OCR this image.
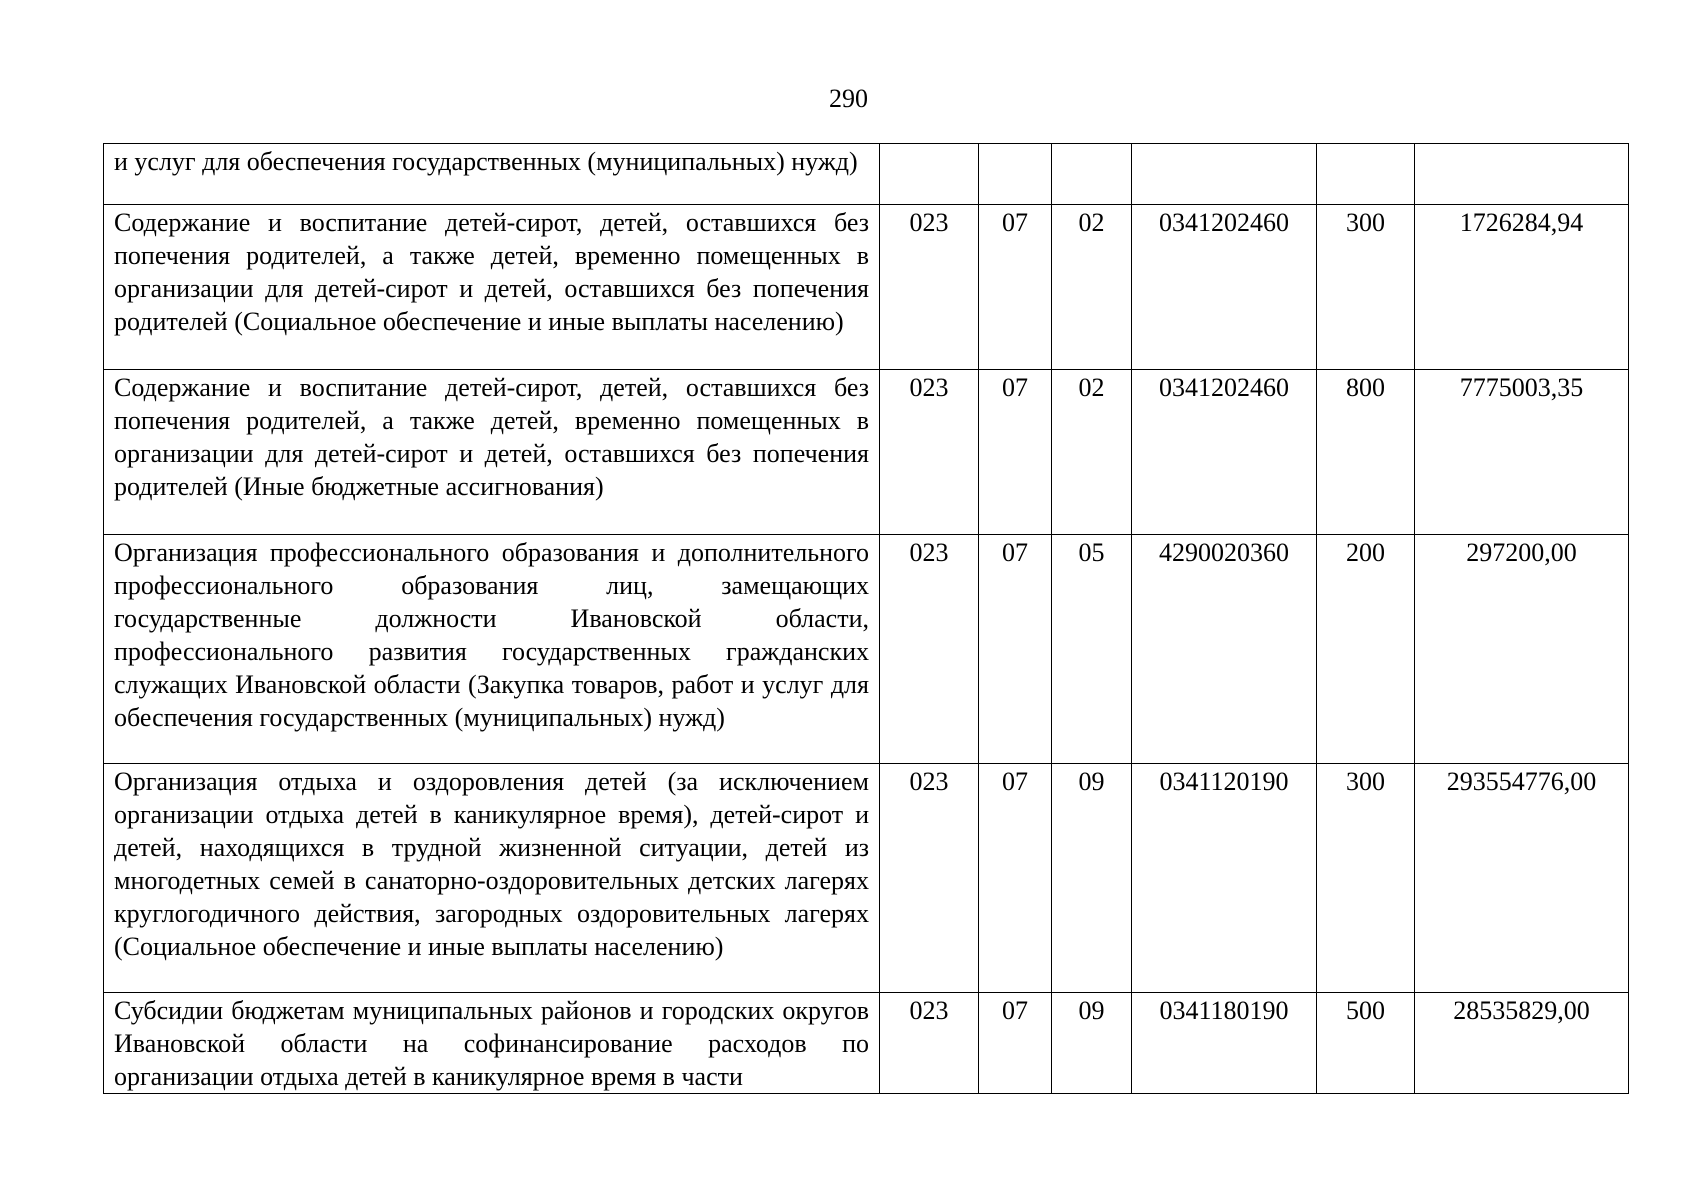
290
и услуг для обеспечения государственных (муниципальных) нужд)						
Содержание и воспитание детей-сирот, детей, оставшихся без попечения родителей, а также детей, временно помещенных в организации для детей-сирот и детей, оставшихся без попечения родителей (Социальное обеспечение и иные выплаты населению)	023	07	02	0341202460	300	1726284,94
Содержание и воспитание детей-сирот, детей, оставшихся без попечения родителей, а также детей, временно помещенных в организации для детей-сирот и детей, оставшихся без попечения родителей (Иные бюджетные ассигнования)	023	07	02	0341202460	800	7775003,35
Организация профессионального образования и дополнительного профессионального образования лиц, замещающих государственные должности Ивановской области, профессионального развития государственных гражданских служащих Ивановской области (Закупка товаров, работ и услуг для обеспечения государственных (муниципальных) нужд)	023	07	05	4290020360	200	297200,00
Организация отдыха и оздоровления детей (за исключением организации отдыха детей в каникулярное время), детей-сирот и детей, находящихся в трудной жизненной ситуации, детей из многодетных семей в санаторно-оздоровительных детских лагерях круглогодичного действия, загородных оздоровительных лагерях (Социальное обеспечение и иные выплаты населению)	023	07	09	0341120190	300	293554776,00
Субсидии бюджетам муниципальных районов и городских округов Ивановской области на софинансирование расходов по организации отдыха детей в каникулярное время в части	023	07	09	0341180190	500	28535829,00
